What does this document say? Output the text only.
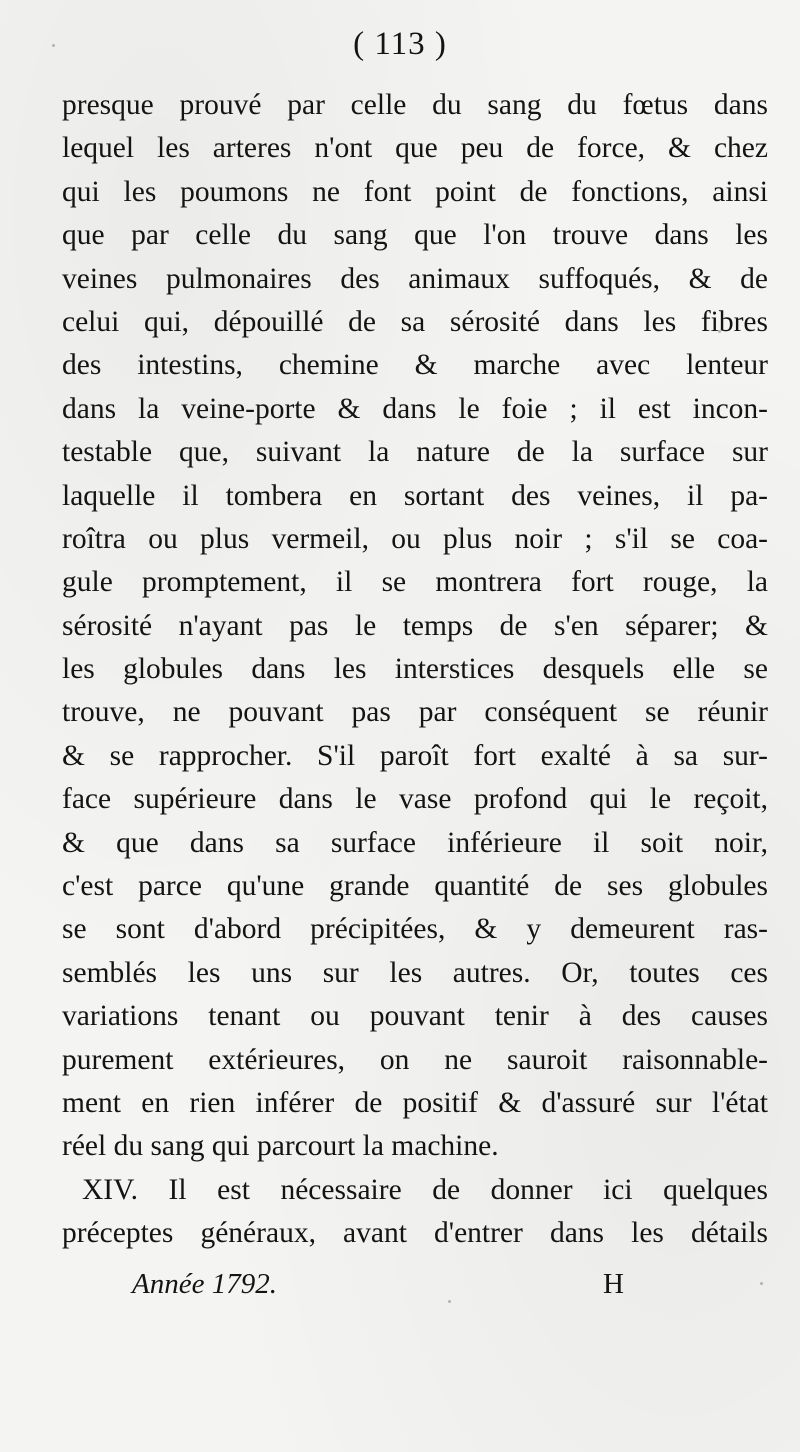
( 113 )
presque prouvé par celle du sang du fœtus dans
lequel les arteres n'ont que peu de force, & chez
qui les poumons ne font point de fonctions, ainsi
que par celle du sang que l'on trouve dans les
veines pulmonaires des animaux suffoqués, & de
celui qui, dépouillé de sa sérosité dans les fibres
des intestins, chemine & marche avec lenteur
dans la veine-porte & dans le foie ; il est incon-
testable que, suivant la nature de la surface sur
laquelle il tombera en sortant des veines, il pa-
roîtra ou plus vermeil, ou plus noir ; s'il se coa-
gule promptement, il se montrera fort rouge, la
sérosité n'ayant pas le temps de s'en séparer; &
les globules dans les interstices desquels elle se
trouve, ne pouvant pas par conséquent se réunir
& se rapprocher. S'il paroît fort exalté à sa sur-
face supérieure dans le vase profond qui le reçoit,
& que dans sa surface inférieure il soit noir,
c'est parce qu'une grande quantité de ses globules
se sont d'abord précipitées, & y demeurent ras-
semblés les uns sur les autres. Or, toutes ces
variations tenant ou pouvant tenir à des causes
purement extérieures, on ne sauroit raisonnable-
ment en rien inférer de positif & d'assuré sur l'état
réel du sang qui parcourt la machine.
XIV. Il est nécessaire de donner ici quelques
préceptes généraux, avant d'entrer dans les détails
Année 1792.	H
